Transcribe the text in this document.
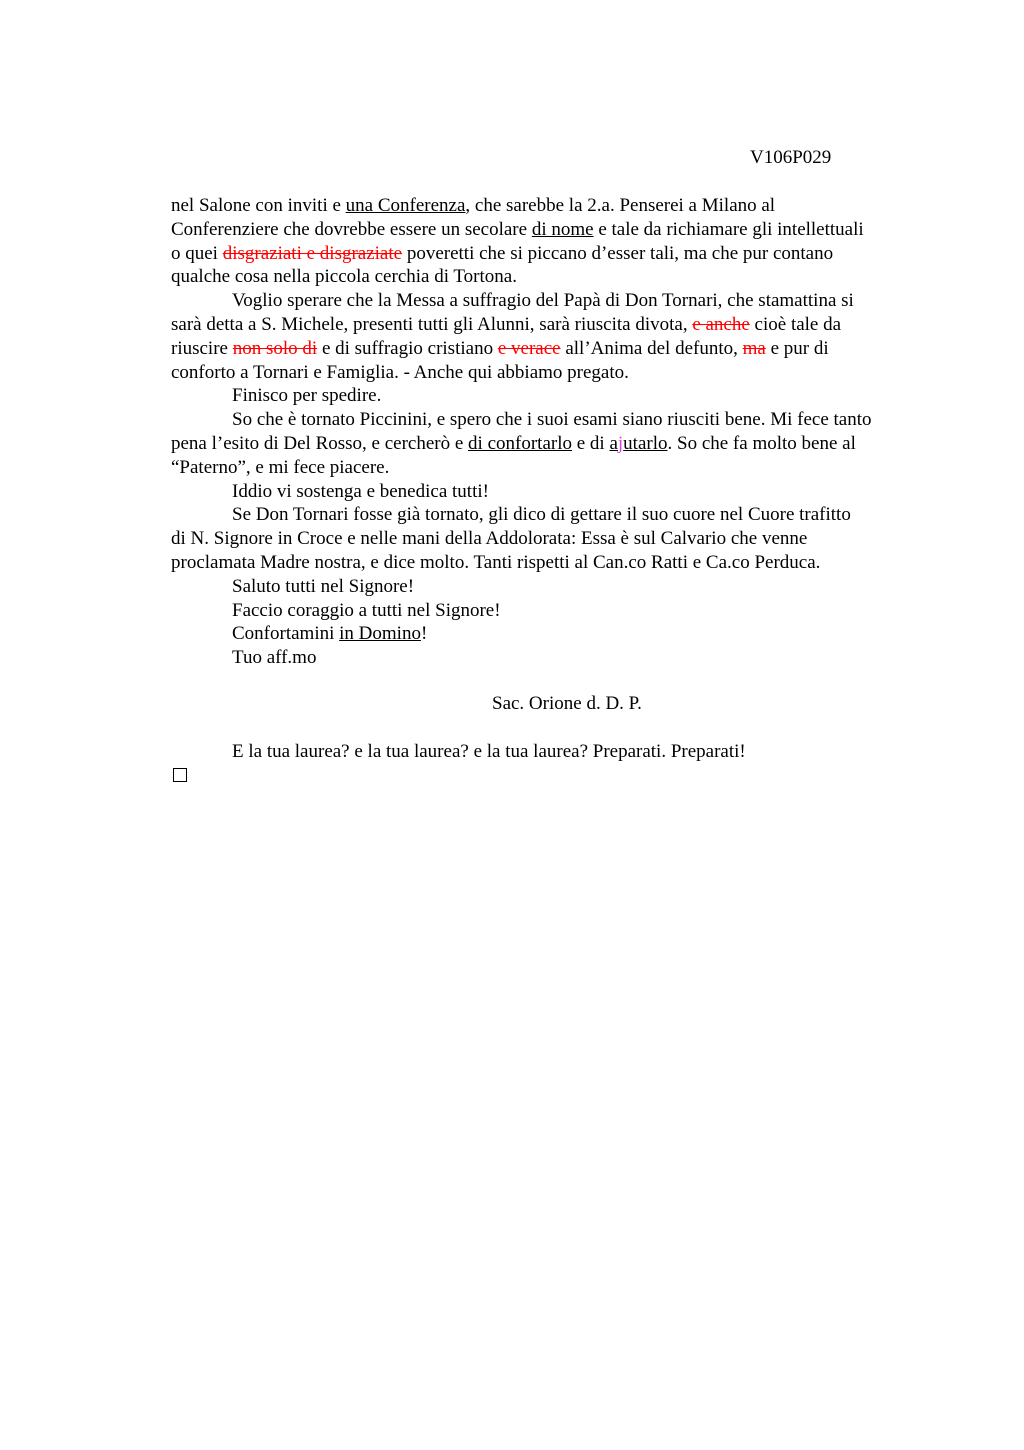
V106P029
nel Salone con inviti e una Conferenza, che sarebbe la 2.a. Penserei a Milano al
Conferenziere che dovrebbe essere un secolare di nome e tale da richiamare gli intellettuali
o quei disgraziati e disgraziate poveretti che si piccano d’esser tali, ma che pur contano
qualche cosa nella piccola cerchia di Tortona.
Voglio sperare che la Messa a suffragio del Papà di Don Tornari, che stamattina si
sarà detta a S. Michele, presenti tutti gli Alunni, sarà riuscita divota, e anche cioè tale da
riuscire non solo di e di suffragio cristiano e verace all’Anima del defunto, ma e pur di
conforto a Tornari e Famiglia. - Anche qui abbiamo pregato.
Finisco per spedire.
So che è tornato Piccinini, e spero che i suoi esami siano riusciti bene. Mi fece tanto
pena l’esito di Del Rosso, e cercherò e di confortarlo e di ajutarlo. So che fa molto bene al
“Paterno”, e mi fece piacere.
Iddio vi sostenga e benedica tutti!
Se Don Tornari fosse già tornato, gli dico di gettare il suo cuore nel Cuore trafitto
di N. Signore in Croce e nelle mani della Addolorata: Essa è sul Calvario che venne
proclamata Madre nostra, e dice molto. Tanti rispetti al Can.co Ratti e Ca.co Perduca.
Saluto tutti nel Signore!
Faccio coraggio a tutti nel Signore!
Confortamini in Domino!
Tuo aff.mo
Sac. Orione d. D. P.
E la tua laurea? e la tua laurea? e la tua laurea? Preparati. Preparati!
